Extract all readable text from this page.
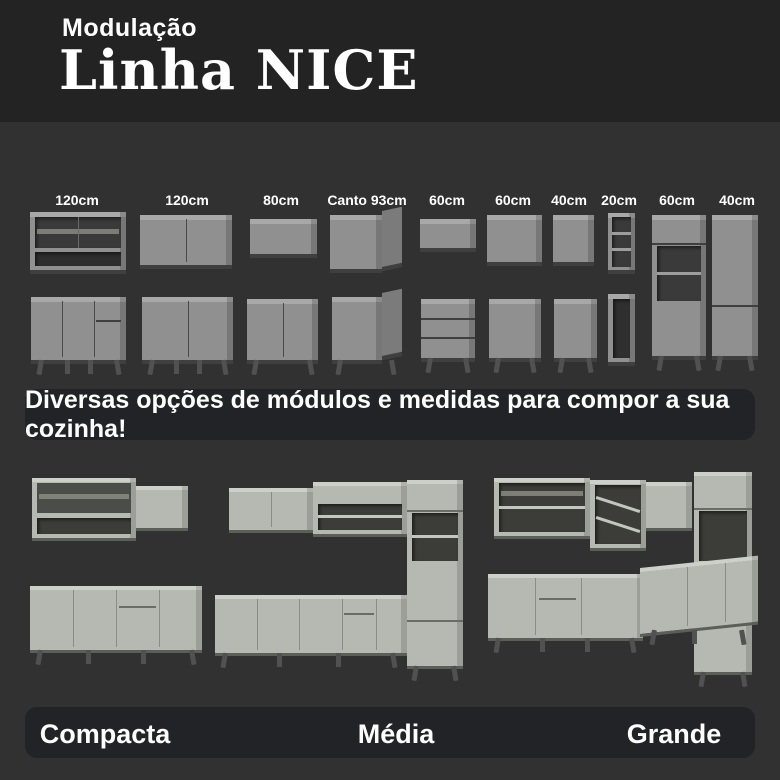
Modulação
Linha NICE
120cm	120cm	80cm	Canto 93cm	60cm	60cm	40cm	20cm	60cm	40cm
Diversas opções de módulos e medidas para compor a sua cozinha!
Compacta	Média	Grande
